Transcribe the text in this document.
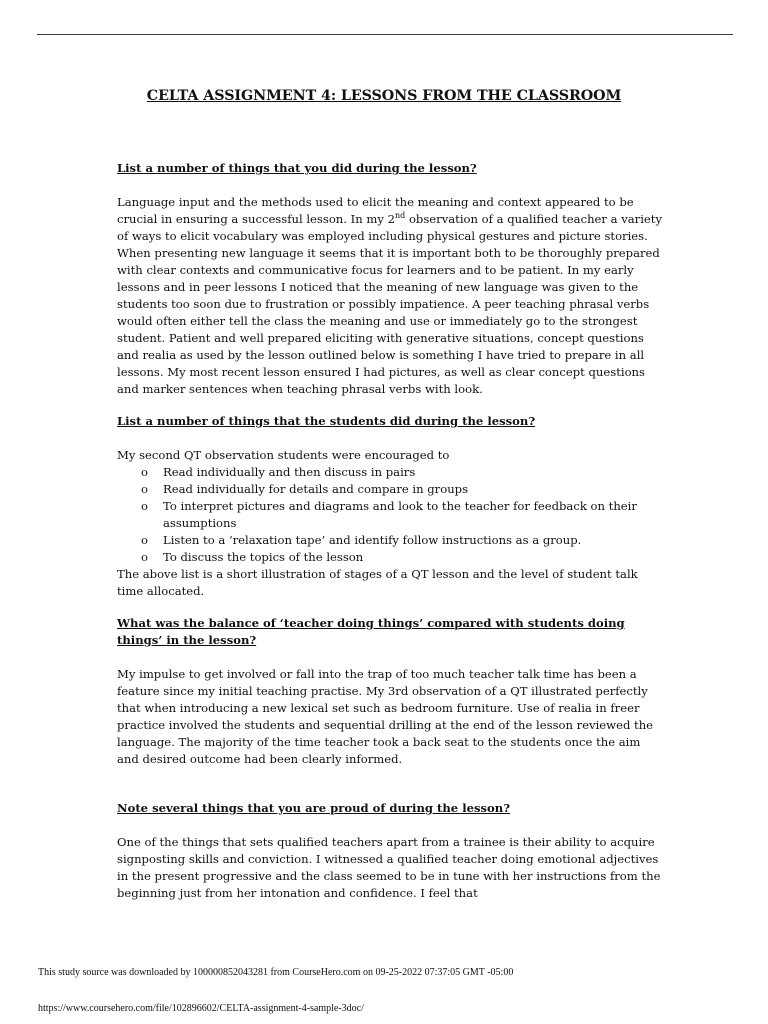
CELTA ASSIGNMENT 4: LESSONS FROM THE CLASSROOM

List a number of things that you did during the lesson?

Language input and the methods used to elicit the meaning and context appeared to be crucial in ensuring a successful lesson. In my 2nd observation of a qualified teacher a variety of ways to elicit vocabulary was employed including physical gestures and picture stories. When presenting new language it seems that it is important both to be thoroughly prepared with clear contexts and communicative focus for learners and to be patient. In my early lessons and in peer lessons I noticed that the meaning of new language was given to the students too soon due to frustration or possibly impatience. A peer teaching phrasal verbs would often either tell the class the meaning and use or immediately go to the strongest student. Patient and well prepared eliciting with generative situations, concept questions and realia as used by the lesson outlined below is something I have tried to prepare in all lessons. My most recent lesson ensured I had pictures, as well as clear concept questions and marker sentences when teaching phrasal verbs with look.

List a number of things that the students did during the lesson?

My second QT observation students were encouraged to

o Read individually and then discuss in pairs
o Read individually for details and compare in groups
o To interpret pictures and diagrams and look to the teacher for feedback on their assumptions
o Listen to a ‘relaxation tape’ and identify follow instructions as a group.
o To discuss the topics of the lesson

The above list is a short illustration of stages of a QT lesson and the level of student talk time allocated.

What was the balance of ‘teacher doing things’ compared with students doing things’ in the lesson?

My impulse to get involved or fall into the trap of too much teacher talk time has been a feature since my initial teaching practise. My 3rd observation of a QT illustrated perfectly that when introducing a new lexical set such as bedroom furniture. Use of realia in freer practice involved the students and sequential drilling at the end of the lesson reviewed the language. The majority of the time teacher took a back seat to the students once the aim and desired outcome had been clearly informed.

Note several things that you are proud of during the lesson?

One of the things that sets qualified teachers apart from a trainee is their ability to acquire signposting skills and conviction. I witnessed a qualified teacher doing emotional adjectives in the present progressive and the class seemed to be in tune with her instructions from the beginning just from her intonation and confidence. I feel that

This study source was downloaded by 100000852043281 from CourseHero.com on 09-25-2022 07:37:05 GMT -05:00

https://www.coursehero.com/file/102896602/CELTA-assignment-4-sample-3doc/
